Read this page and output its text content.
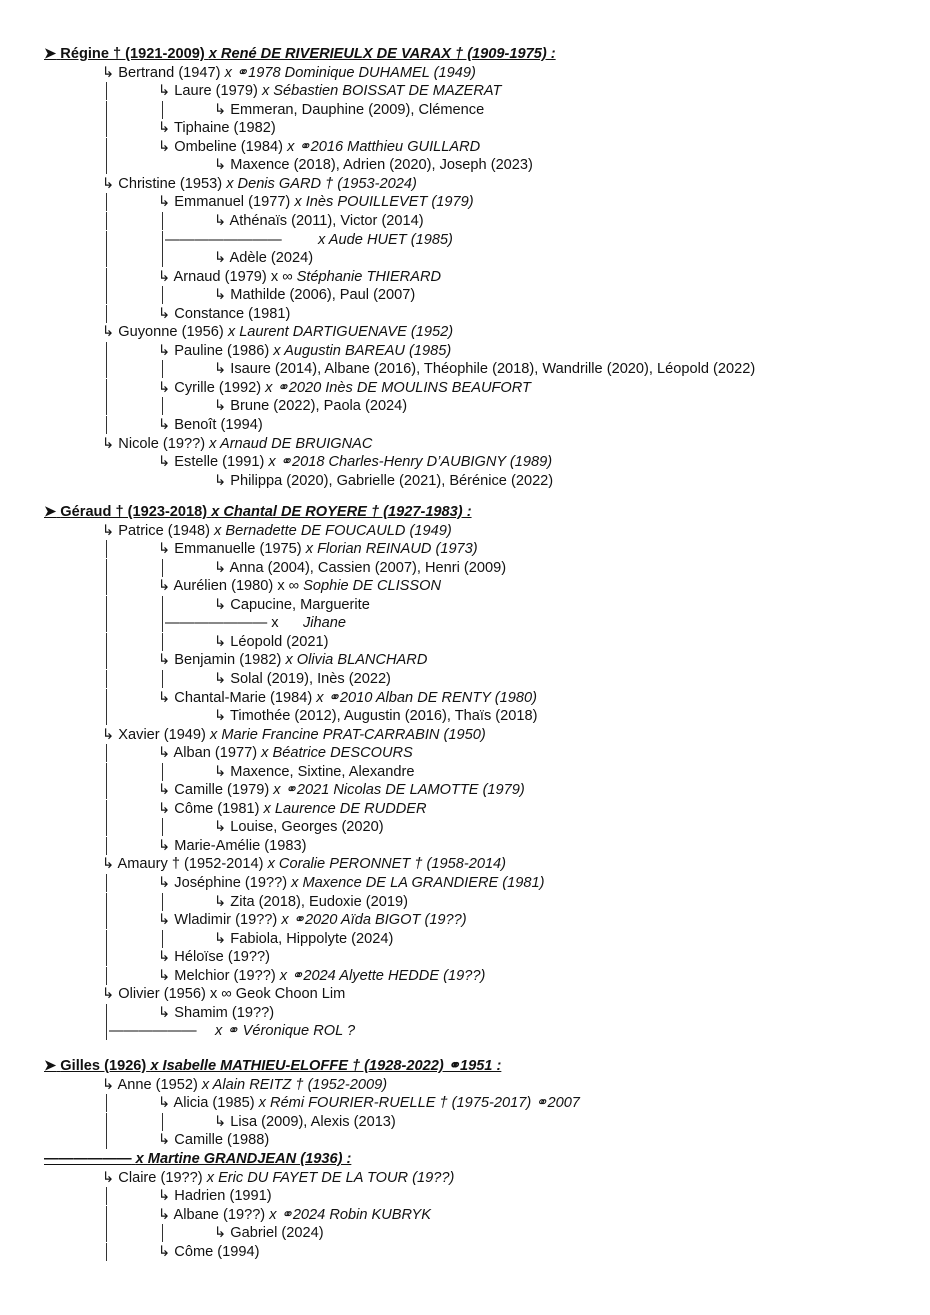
➤ Régine † (1921-2009) x René DE RIVERIEULX DE VARAX † (1909-1975) :
↳ Bertrand (1947) x ⚭1978 Dominique DUHAMEL (1949)
↳ Laure (1979) x Sébastien BOISSAT DE MAZERAT
↳ Emmeran, Dauphine (2009), Clémence
↳ Tiphaine (1982)
↳ Ombeline (1984) x ⚭2016 Matthieu GUILLARD
↳ Maxence (2018), Adrien (2020), Joseph (2023)
↳ Christine (1953) x Denis GARD † (1953-2024)
↳ Emmanuel (1977) x Inès POUILLEVET (1979)
↳ Athénaïs (2011), Victor (2014)
———————— x Aude HUET (1985)
↳ Adèle (2024)
↳ Arnaud (1979) x ∞ Stéphanie THIERARD
↳ Mathilde (2006), Paul (2007)
↳ Constance (1981)
↳ Guyonne (1956) x Laurent DARTIGUENAVE (1952)
↳ Pauline (1986) x Augustin BAREAU (1985)
↳ Isaure (2014), Albane (2016), Théophile (2018), Wandrille (2020), Léopold (2022)
↳ Cyrille (1992) x ⚭2020 Inès DE MOULINS BEAUFORT
↳ Brune (2022), Paola (2024)
↳ Benoît (1994)
↳ Nicole (19??) x Arnaud DE BRUIGNAC
↳ Estelle (1991) x ⚭2018 Charles-Henry D’AUBIGNY (1989)
↳ Philippa (2020), Gabrielle (2021), Bérénice (2022)
➤ Géraud † (1923-2018) x Chantal DE ROYERE † (1927-1983) :
↳ Patrice (1948) x Bernadette DE FOUCAULD (1949)
↳ Emmanuelle (1975) x Florian REINAUD (1973)
↳ Anna (2004), Cassien (2007), Henri (2009)
↳ Aurélien (1980) x ∞ Sophie DE CLISSON
↳ Capucine, Marguerite
——————— x Jihane
↳ Léopold (2021)
↳ Benjamin (1982) x Olivia BLANCHARD
↳ Solal (2019), Inès (2022)
↳ Chantal-Marie (1984) x ⚭2010 Alban DE RENTY (1980)
↳ Timothée (2012), Augustin (2016), Thaïs (2018)
↳ Xavier (1949) x Marie Francine PRAT-CARRABIN (1950)
↳ Alban (1977) x Béatrice DESCOURS
↳ Maxence, Sixtine, Alexandre
↳ Camille (1979) x ⚭2021 Nicolas DE LAMOTTE (1979)
↳ Côme (1981) x Laurence DE RUDDER
↳ Louise, Georges (2020)
↳ Marie-Amélie (1983)
↳ Amaury † (1952-2014) x Coralie PERONNET † (1958-2014)
↳ Joséphine (19??) x Maxence DE LA GRANDIERE (1981)
↳ Zita (2018), Eudoxie (2019)
↳ Wladimir (19??) x ⚭2020 Aïda BIGOT (19??)
↳ Fabiola, Hippolyte (2024)
↳ Héloïse (19??)
↳ Melchior (19??) x ⚭2024 Alyette HEDDE (19??)
↳ Olivier (1956) x ∞ Geok Choon Lim
↳ Shamim (19??)
—————— x ⚭ Véronique ROL ?
➤ Gilles (1926) x Isabelle MATHIEU-ELOFFE † (1928-2022) ⚭1951 :
↳ Anne (1952) x Alain REITZ † (1952-2009)
↳ Alicia (1985) x Rémi FOURIER-RUELLE † (1975-2017) ⚭2007
↳ Lisa (2009), Alexis (2013)
↳ Camille (1988)
—————— x Martine GRANDJEAN (1936) :
↳ Claire (19??) x Eric DU FAYET DE LA TOUR (19??)
↳ Hadrien (1991)
↳ Albane (19??) x ⚭2024 Robin KUBRYK
↳ Gabriel (2024)
↳ Côme (1994)
